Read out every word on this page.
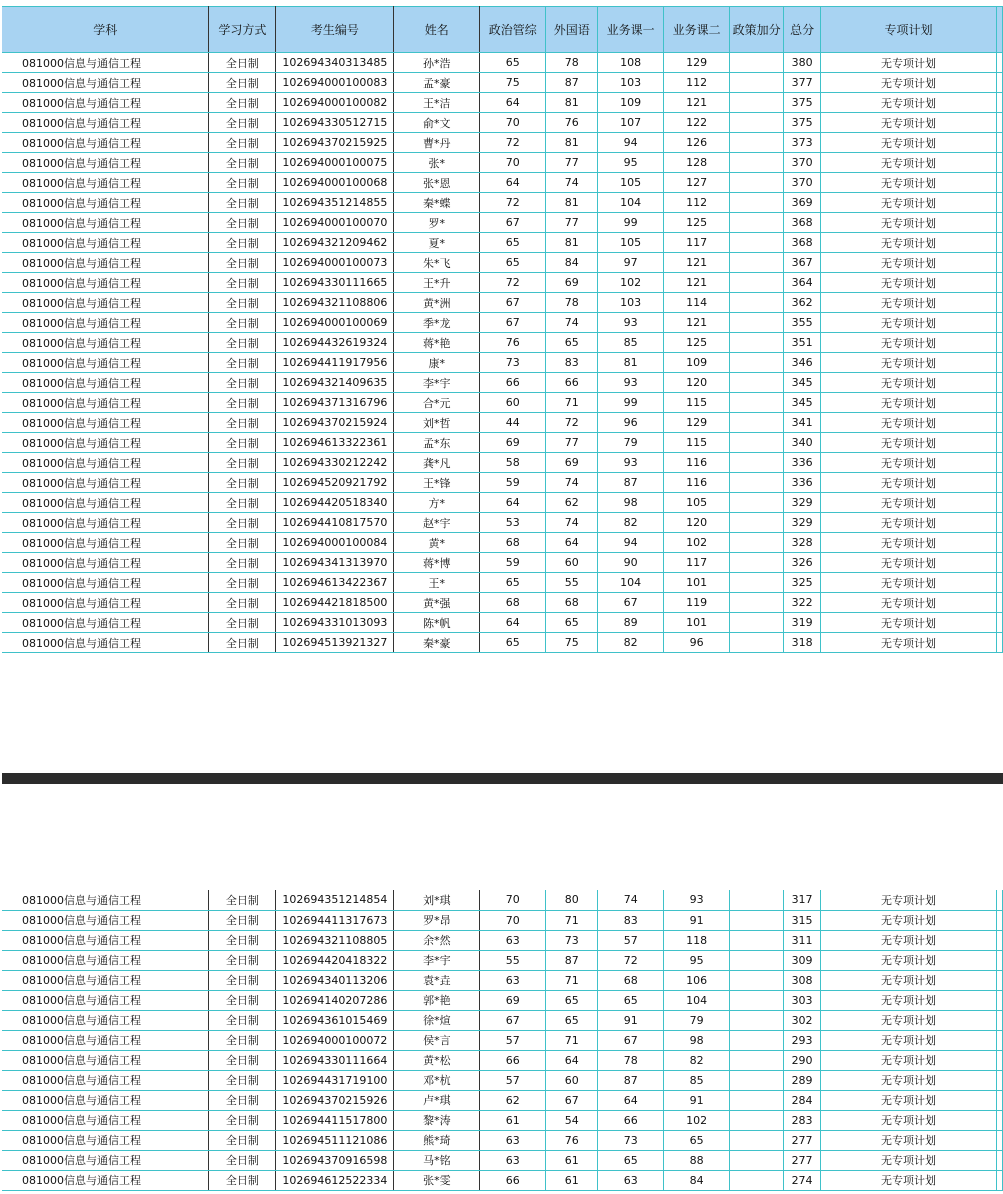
学科	学习方式	考生编号	姓名	政治管综	外国语	业务课一	业务课二	政策加分	总分	专项计划	
081000信息与通信工程	全日制	102694340313485	孙*浩	65	78	108	129		380	无专项计划	
081000信息与通信工程	全日制	102694000100083	孟*豪	75	87	103	112		377	无专项计划	
081000信息与通信工程	全日制	102694000100082	王*洁	64	81	109	121		375	无专项计划	
081000信息与通信工程	全日制	102694330512715	俞*文	70	76	107	122		375	无专项计划	
081000信息与通信工程	全日制	102694370215925	曹*丹	72	81	94	126		373	无专项计划	
081000信息与通信工程	全日制	102694000100075	张*	70	77	95	128		370	无专项计划	
081000信息与通信工程	全日制	102694000100068	张*恩	64	74	105	127		370	无专项计划	
081000信息与通信工程	全日制	102694351214855	秦*蝶	72	81	104	112		369	无专项计划	
081000信息与通信工程	全日制	102694000100070	罗*	67	77	99	125		368	无专项计划	
081000信息与通信工程	全日制	102694321209462	夏*	65	81	105	117		368	无专项计划	
081000信息与通信工程	全日制	102694000100073	朱*飞	65	84	97	121		367	无专项计划	
081000信息与通信工程	全日制	102694330111665	王*升	72	69	102	121		364	无专项计划	
081000信息与通信工程	全日制	102694321108806	黄*洲	67	78	103	114		362	无专项计划	
081000信息与通信工程	全日制	102694000100069	季*龙	67	74	93	121		355	无专项计划	
081000信息与通信工程	全日制	102694432619324	蒋*艳	76	65	85	125		351	无专项计划	
081000信息与通信工程	全日制	102694411917956	康*	73	83	81	109		346	无专项计划	
081000信息与通信工程	全日制	102694321409635	李*宇	66	66	93	120		345	无专项计划	
081000信息与通信工程	全日制	102694371316796	合*元	60	71	99	115		345	无专项计划	
081000信息与通信工程	全日制	102694370215924	刘*哲	44	72	96	129		341	无专项计划	
081000信息与通信工程	全日制	102694613322361	孟*东	69	77	79	115		340	无专项计划	
081000信息与通信工程	全日制	102694330212242	龚*凡	58	69	93	116		336	无专项计划	
081000信息与通信工程	全日制	102694520921792	王*锋	59	74	87	116		336	无专项计划	
081000信息与通信工程	全日制	102694420518340	方*	64	62	98	105		329	无专项计划	
081000信息与通信工程	全日制	102694410817570	赵*宇	53	74	82	120		329	无专项计划	
081000信息与通信工程	全日制	102694000100084	黄*	68	64	94	102		328	无专项计划	
081000信息与通信工程	全日制	102694341313970	蒋*博	59	60	90	117		326	无专项计划	
081000信息与通信工程	全日制	102694613422367	王*	65	55	104	101		325	无专项计划	
081000信息与通信工程	全日制	102694421818500	黄*强	68	68	67	119		322	无专项计划	
081000信息与通信工程	全日制	102694331013093	陈*帆	64	65	89	101		319	无专项计划	
081000信息与通信工程	全日制	102694513921327	秦*豪	65	75	82	96		318	无专项计划	
081000信息与通信工程	全日制	102694351214854	刘*琪	70	80	74	93		317	无专项计划	
081000信息与通信工程	全日制	102694411317673	罗*昂	70	71	83	91		315	无专项计划	
081000信息与通信工程	全日制	102694321108805	余*然	63	73	57	118		311	无专项计划	
081000信息与通信工程	全日制	102694420418322	李*宇	55	87	72	95		309	无专项计划	
081000信息与通信工程	全日制	102694340113206	袁*垚	63	71	68	106		308	无专项计划	
081000信息与通信工程	全日制	102694140207286	郭*艳	69	65	65	104		303	无专项计划	
081000信息与通信工程	全日制	102694361015469	徐*煊	67	65	91	79		302	无专项计划	
081000信息与通信工程	全日制	102694000100072	侯*言	57	71	67	98		293	无专项计划	
081000信息与通信工程	全日制	102694330111664	黄*松	66	64	78	82		290	无专项计划	
081000信息与通信工程	全日制	102694431719100	邓*杭	57	60	87	85		289	无专项计划	
081000信息与通信工程	全日制	102694370215926	卢*琪	62	67	64	91		284	无专项计划	
081000信息与通信工程	全日制	102694411517800	黎*涛	61	54	66	102		283	无专项计划	
081000信息与通信工程	全日制	102694511121086	熊*琦	63	76	73	65		277	无专项计划	
081000信息与通信工程	全日制	102694370916598	马*铭	63	61	65	88		277	无专项计划	
081000信息与通信工程	全日制	102694612522334	张*雯	66	61	63	84		274	无专项计划	
